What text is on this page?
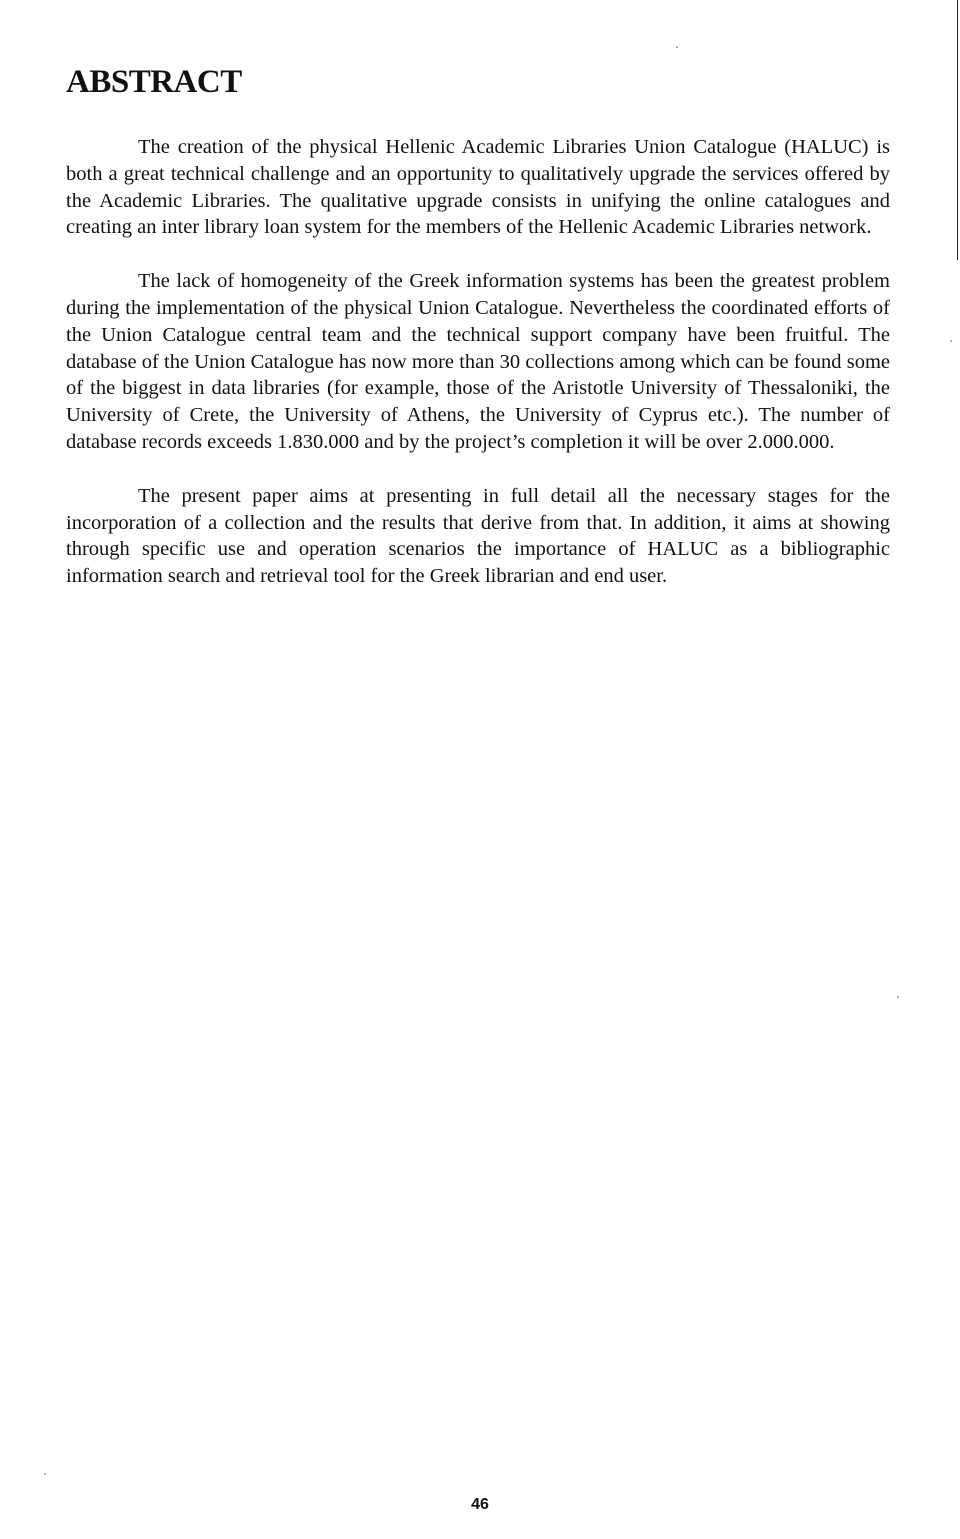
ABSTRACT

The creation of the physical Hellenic Academic Libraries Union Catalogue (HALUC) is both a great technical challenge and an opportunity to qualitatively upgrade the services offered by the Academic Libraries. The qualitative upgrade consists in unifying the online catalogues and creating an inter library loan system for the members of the Hellenic Academic Libraries network.

The lack of homogeneity of the Greek information systems has been the greatest problem during the implementation of the physical Union Catalogue. Nevertheless the coordinated efforts of the Union Catalogue central team and the technical support company have been fruitful. The database of the Union Catalogue has now more than 30 collections among which can be found some of the biggest in data libraries (for example, those of the Aristotle University of Thessaloniki, the University of Crete, the University of Athens, the University of Cyprus etc.). The number of database records exceeds 1.830.000 and by the project’s completion it will be over 2.000.000.

The present paper aims at presenting in full detail all the necessary stages for the incorporation of a collection and the results that derive from that. In addition, it aims at showing through specific use and operation scenarios the importance of HALUC as a bibliographic information search and retrieval tool for the Greek librarian and end user.

46
